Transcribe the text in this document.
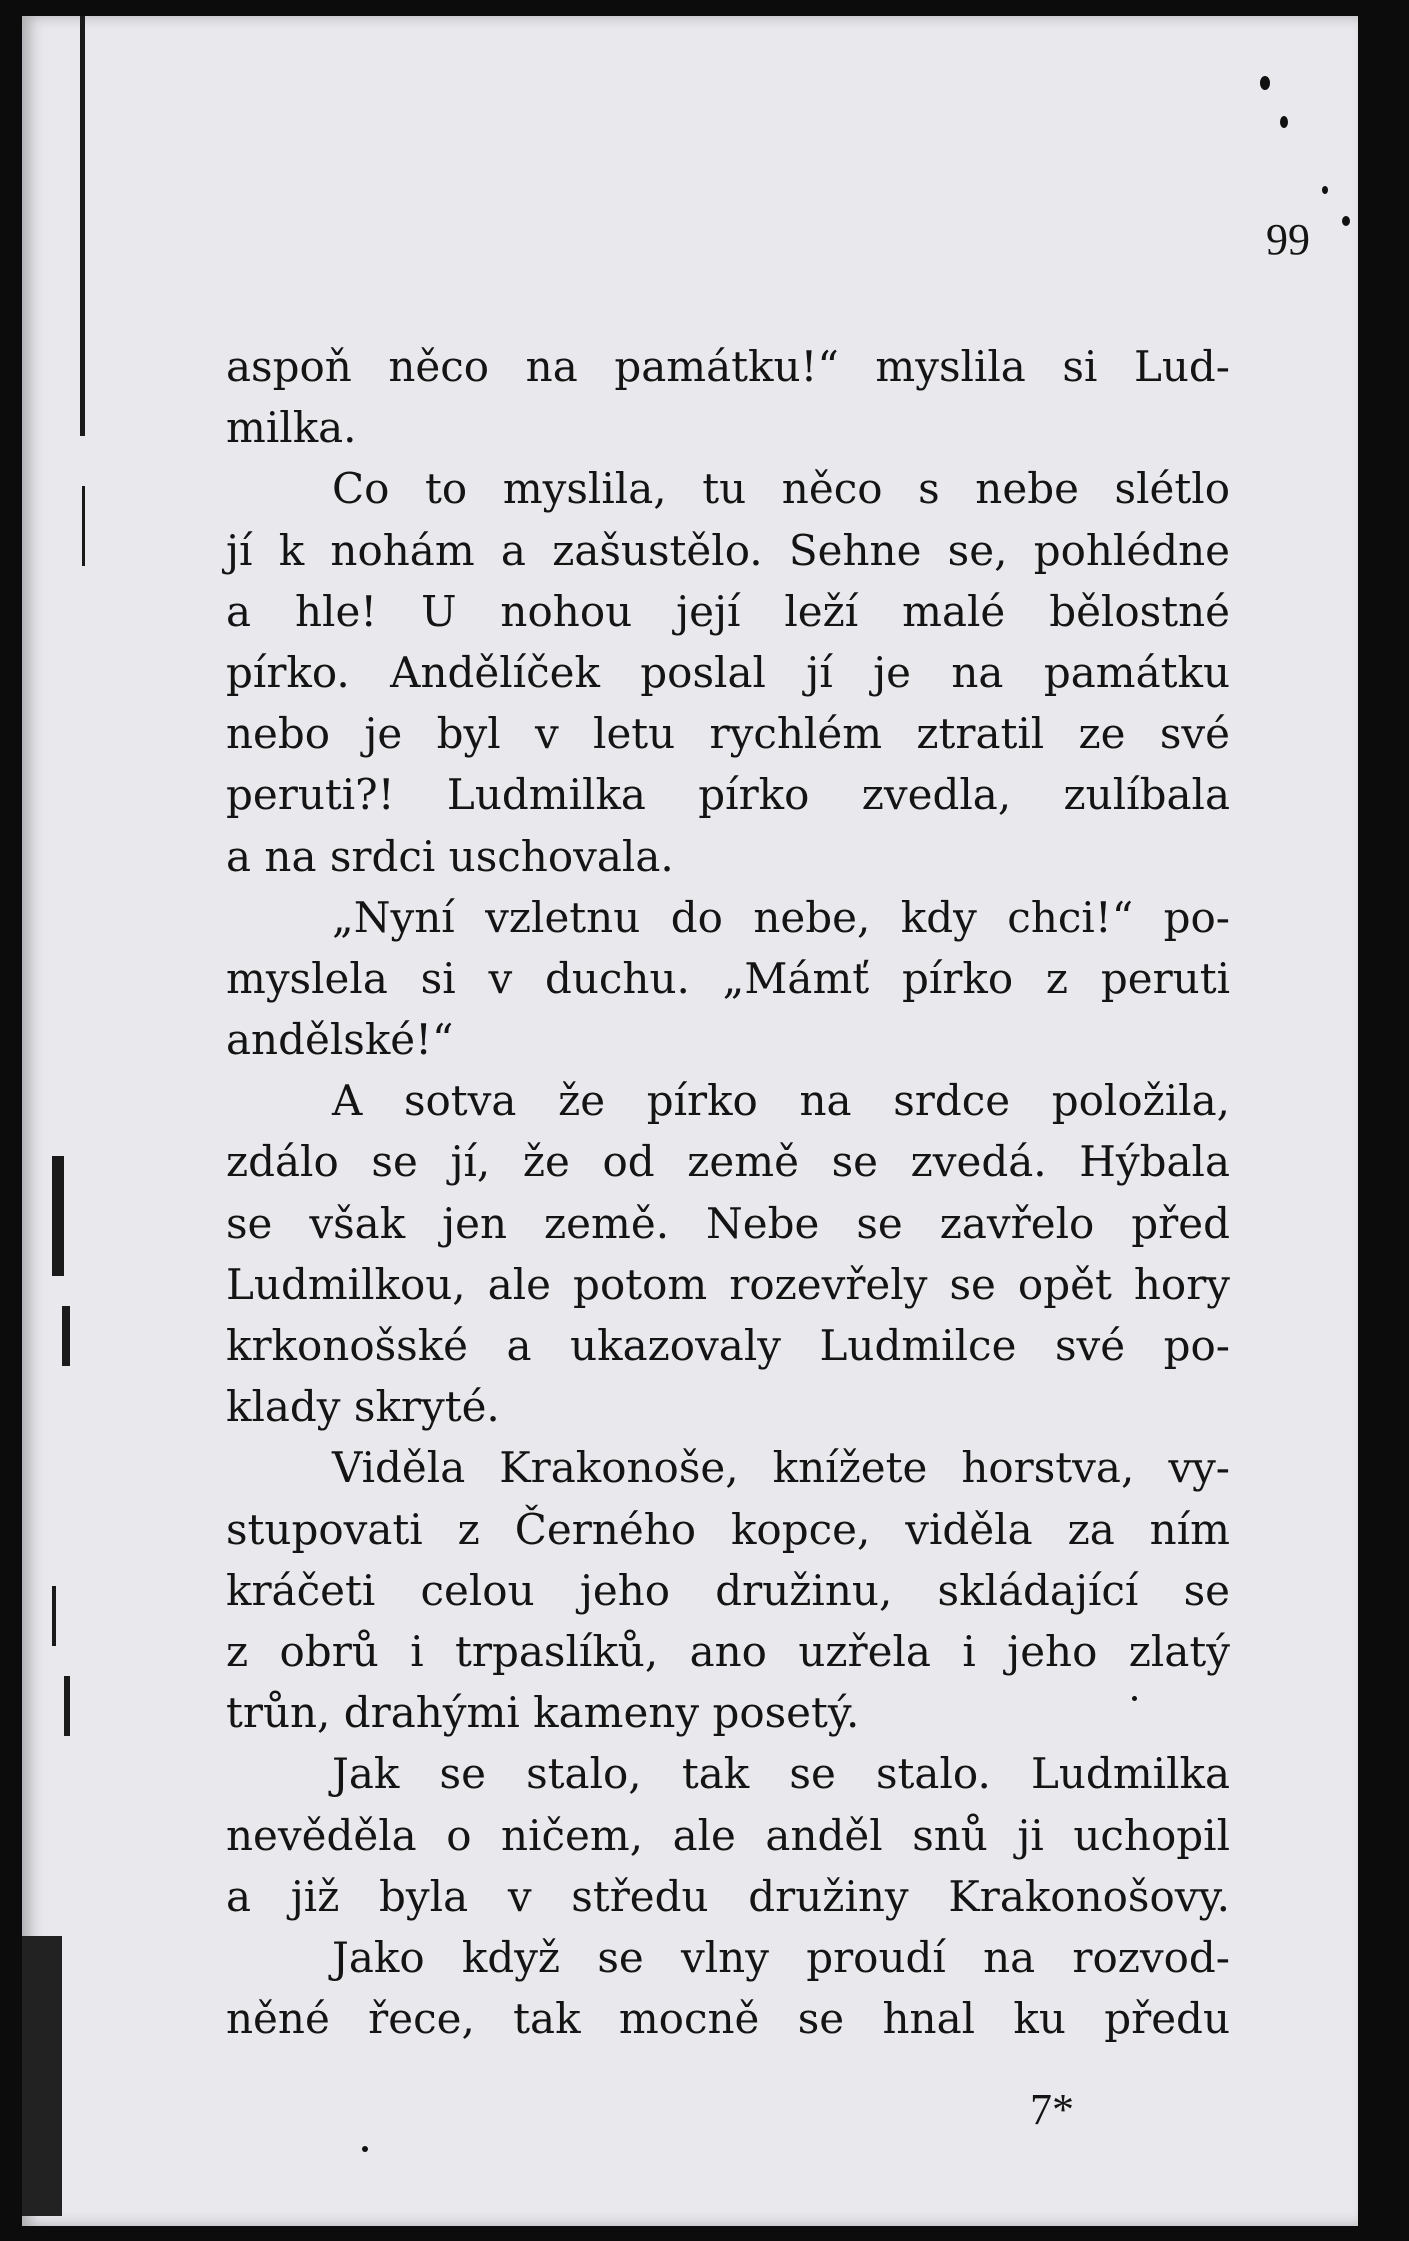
99
aspoň něco na památku!“ myslila si Lud-
milka.
Co to myslila, tu něco s nebe slétlo
jí k nohám a zašustělo. Sehne se, pohlédne
a hle! U nohou její leží malé bělostné
pírko. Andělíček poslal jí je na památku
nebo je byl v letu rychlém ztratil ze své
peruti?! Ludmilka pírko zvedla, zulíbala
a na srdci uschovala.
„Nyní vzletnu do nebe, kdy chci!“ po-
myslela si v duchu. „Mámť pírko z peruti
andělské!“
A sotva že pírko na srdce položila,
zdálo se jí, že od země se zvedá. Hýbala
se však jen země. Nebe se zavřelo před
Ludmilkou, ale potom rozevřely se opět hory
krkonošské a ukazovaly Ludmilce své po-
klady skryté.
Viděla Krakonoše, knížete horstva, vy-
stupovati z Černého kopce, viděla za ním
kráčeti celou jeho družinu, skládající se
z obrů i trpaslíků, ano uzřela i jeho zlatý
trůn, drahými kameny posetý.
Jak se stalo, tak se stalo. Ludmilka
nevěděla o ničem, ale anděl snů ji uchopil
a již byla v středu družiny Krakonošovy.
Jako když se vlny proudí na rozvod-
něné řece, tak mocně se hnal ku předu
7*
